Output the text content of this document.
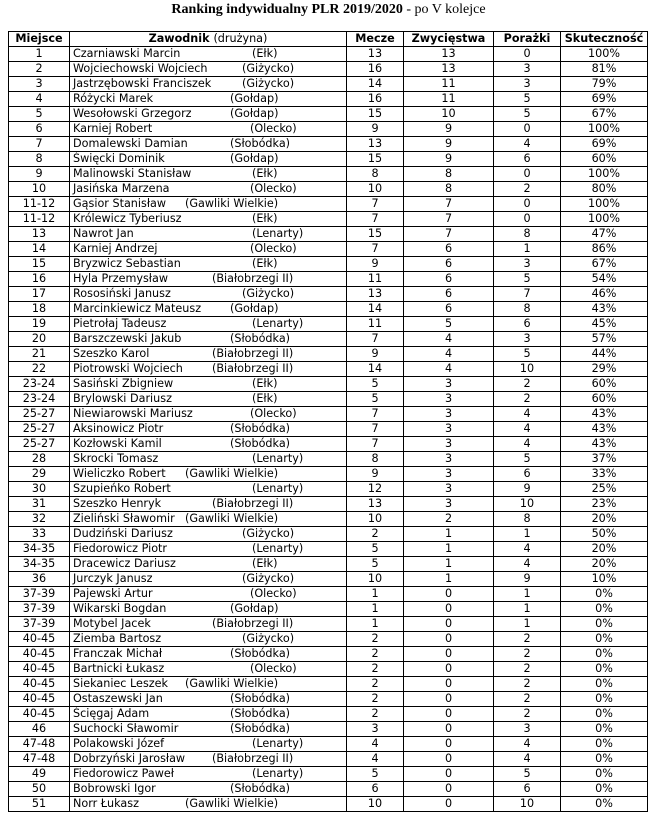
Ranking indywidualny PLR 2019/2020 - po V kolejce
Miejsce	Zawodnik (drużyna)	Mecze	Zwycięstwa	Porażki	Skuteczność
1	Czarniawski Marcin (Ełk)	13	13	0	100%
2	Wojciechowski Wojciech (Giżycko)	16	13	3	81%
3	Jastrzębowski Franciszek (Giżycko)	14	11	3	79%
4	Różycki Marek (Gołdap)	16	11	5	69%
5	Wesołowski Grzegorz (Gołdap)	15	10	5	67%
6	Karniej Robert (Olecko)	9	9	0	100%
7	Domalewski Damian (Słobódka)	13	9	4	69%
8	Święcki Dominik (Gołdap)	15	9	6	60%
9	Malinowski Stanisław (Ełk)	8	8	0	100%
10	Jasińska Marzena (Olecko)	10	8	2	80%
11-12	Gąsior Stanisław (Gawliki Wielkie)	7	7	0	100%
11-12	Królewicz Tyberiusz (Ełk)	7	7	0	100%
13	Nawrot Jan (Lenarty)	15	7	8	47%
14	Karniej Andrzej (Olecko)	7	6	1	86%
15	Bryzwicz Sebastian (Ełk)	9	6	3	67%
16	Hyla Przemysław (Białobrzegi II)	11	6	5	54%
17	Rososiński Janusz (Giżycko)	13	6	7	46%
18	Marcinkiewicz Mateusz (Gołdap)	14	6	8	43%
19	Pietrołaj Tadeusz (Lenarty)	11	5	6	45%
20	Barszczewski Jakub (Słobódka)	7	4	3	57%
21	Szeszko Karol (Białobrzegi II)	9	4	5	44%
22	Piotrowski Wojciech (Białobrzegi II)	14	4	10	29%
23-24	Sasiński Zbigniew (Ełk)	5	3	2	60%
23-24	Brylowski Dariusz (Ełk)	5	3	2	60%
25-27	Niewiarowski Mariusz (Olecko)	7	3	4	43%
25-27	Aksinowicz Piotr (Słobódka)	7	3	4	43%
25-27	Kozłowski Kamil (Słobódka)	7	3	4	43%
28	Skrocki Tomasz (Lenarty)	8	3	5	37%
29	Wieliczko Robert (Gawliki Wielkie)	9	3	6	33%
30	Szupieńko Robert (Lenarty)	12	3	9	25%
31	Szeszko Henryk (Białobrzegi II)	13	3	10	23%
32	Zieliński Sławomir (Gawliki Wielkie)	10	2	8	20%
33	Dudziński Dariusz (Giżycko)	2	1	1	50%
34-35	Fiedorowicz Piotr (Lenarty)	5	1	4	20%
34-35	Dracewicz Dariusz (Ełk)	5	1	4	20%
36	Jurczyk Janusz (Giżycko)	10	1	9	10%
37-39	Pajewski Artur (Olecko)	1	0	1	0%
37-39	Wikarski Bogdan (Gołdap)	1	0	1	0%
37-39	Motybel Jacek (Białobrzegi II)	1	0	1	0%
40-45	Ziemba Bartosz (Giżycko)	2	0	2	0%
40-45	Franczak Michał (Słobódka)	2	0	2	0%
40-45	Bartnicki Łukasz (Olecko)	2	0	2	0%
40-45	Siekaniec Leszek (Gawliki Wielkie)	2	0	2	0%
40-45	Ostaszewski Jan (Słobódka)	2	0	2	0%
40-45	Ścięgaj Adam (Słobódka)	2	0	2	0%
46	Suchocki Sławomir (Słobódka)	3	0	3	0%
47-48	Polakowski Józef (Lenarty)	4	0	4	0%
47-48	Dobrzyński Jarosław (Białobrzegi II)	4	0	4	0%
49	Fiedorowicz Paweł (Lenarty)	5	0	5	0%
50	Bobrowski Igor (Słobódka)	6	0	6	0%
51	Norr Łukasz (Gawliki Wielkie)	10	0	10	0%
